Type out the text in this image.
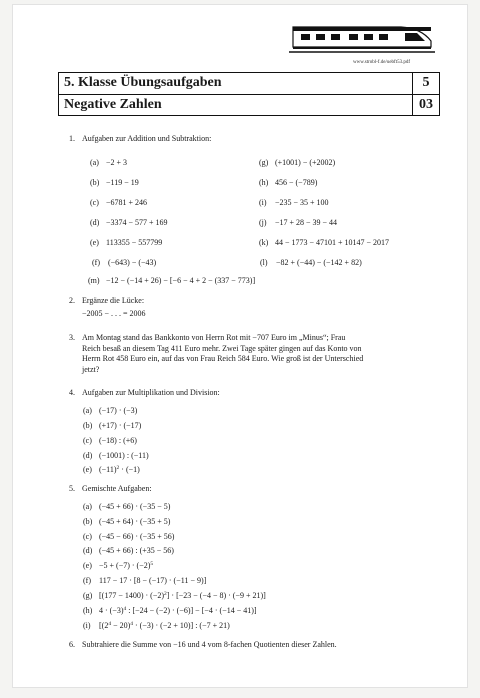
www.strobl-f.de/uebft53.pdf
5. Klasse Übungsaufgaben	5
Negative Zahlen	03
1. Aufgaben zur Addition und Subtraktion:
(a) −2 + 3
(b) −119 − 19
(c) −6781 + 246
(d) −3374 − 577 + 169
(e) 113355 − 557799
(f) (−643) − (−43)
(g) (+1001) − (+2002)
(h) 456 − (−789)
(i) −235 − 35 + 100
(j) −17 + 28 − 39 − 44
(k) 44 − 1773 − 47101 + 10147 − 2017
(l) −82 + (−44) − (−142 + 82)
(m) −12 − (−14 + 26) − [−6 − 4 + 2 − (337 − 773)]
2. Ergänze die Lücke:
−2005 − . . . = 2006
3. Am Montag stand das Bankkonto von Herrn Rot mit −707 Euro im „Minus“; Frau
Reich besaß an diesem Tag 411 Euro mehr. Zwei Tage später gingen auf das Konto von
Herrn Rot 458 Euro ein, auf das von Frau Reich 584 Euro. Wie groß ist der Unterschied
jetzt?
4. Aufgaben zur Multiplikation und Division:
(a) (−17) · (−3)
(b) (+17) · (−17)
(c) (−18) : (+6)
(d) (−1001) : (−11)
(e) $(-11)^2 \cdot (-1)$
5. Gemischte Aufgaben:
(a) (−45 + 66) · (−35 − 5)
(b) (−45 + 64) · (−35 + 5)
(c) (−45 − 66) · (−35 + 56)
(d) (−45 + 66) : (+35 − 56)
$(e) -5 + (-7) \cdot (-2)^5$
(f) 117 − 17 · [8 − (−17) · (−11 − 9)]
(g) $[(177 - 1400) \cdot (-2)^2] \cdot [-23 - (-4 - 8) \cdot (-9 + 21)]$
(h) $4 \cdot (-3)^4$ : [−24 − (−2) · (−6)] − [−4 · (−14 − 41)]
(i) $[(2^4 - 20)^4 \cdot (-3) \cdot (-2 + 10)]$ : (−7 + 21)
6. Subtrahiere die Summe von −16 und 4 vom 8-fachen Quotienten dieser Zahlen.
